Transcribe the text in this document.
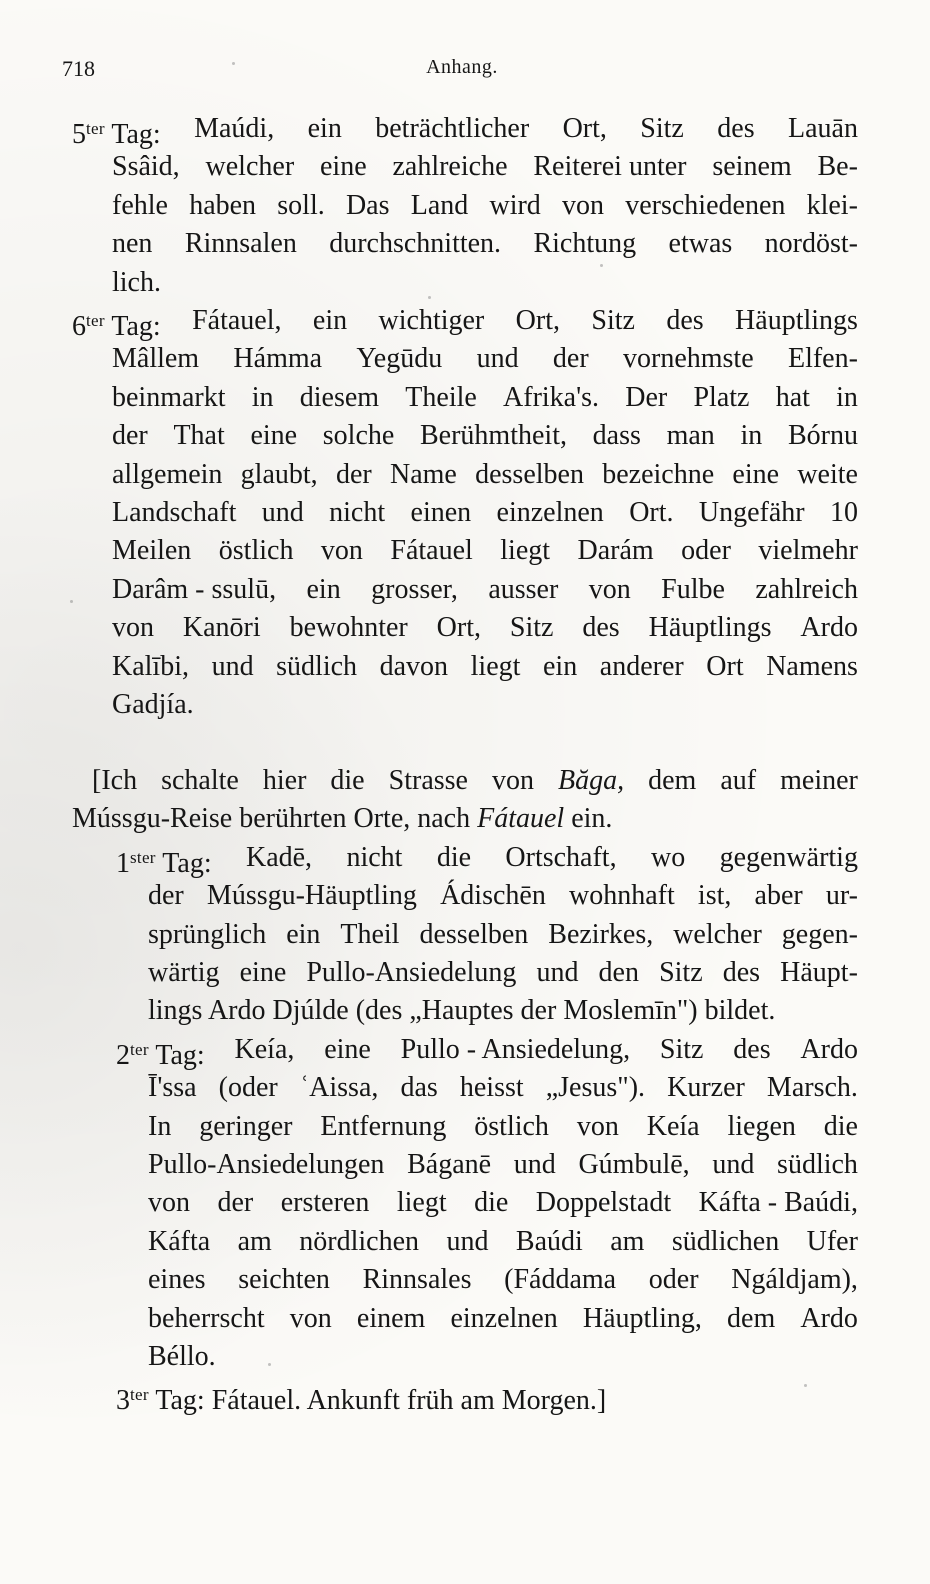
718	Anhang.
$5^{ter}$ Tag: Maúdi, ein beträchtlicher Ort, Sitz des Lauān
Ssâid, welcher eine zahlreiche Reiterei unter seinem Be-
fehle haben soll. Das Land wird von verschiedenen klei-
nen Rinnsalen durchschnitten. Richtung etwas nordöst-
lich.
$6^{ter}$ Tag: Fátauel, ein wichtiger Ort, Sitz des Häuptlings
Mâllem Hámma Yegūdu und der vornehmste Elfen-
beinmarkt in diesem Theile Afrika's. Der Platz hat in
der That eine solche Berühmtheit, dass man in Bórnu
allgemein glaubt, der Name desselben bezeichne eine weite
Landschaft und nicht einen einzelnen Ort. Ungefähr 10
Meilen östlich von Fátauel liegt Darám oder vielmehr
Darâm - ssulū, ein grosser, ausser von Fulbe zahlreich
von Kanōri bewohnter Ort, Sitz des Häuptlings Ardo
Kalībi, und südlich davon liegt ein anderer Ort Namens
Gadjía.
[Ich schalte hier die Strasse von Băga, dem auf meiner
Mússgu-Reise berührten Orte, nach Fátauel ein.
$1^{ster}$ Tag: Kadē, nicht die Ortschaft, wo gegenwärtig
der Mússgu-Häuptling Ádischēn wohnhaft ist, aber ur-
sprünglich ein Theil desselben Bezirkes, welcher gegen-
wärtig eine Pullo-Ansiedelung und den Sitz des Häupt-
lings Ardo Djúlde (des „Hauptes der Moslemīn") bildet.
$2^{ter}$ Tag: Keía, eine Pullo - Ansiedelung, Sitz des Ardo
Ī'ssa (oder ʿAissa, das heisst „Jesus"). Kurzer Marsch.
In geringer Entfernung östlich von Keía liegen die
Pullo-Ansiedelungen Báganē und Gúmbulē, und südlich
von der ersteren liegt die Doppelstadt Káfta - Baúdi,
Káfta am nördlichen und Baúdi am südlichen Ufer
eines seichten Rinnsales (Fáddama oder Ngáldjam),
beherrscht von einem einzelnen Häuptling, dem Ardo
Béllo.
$3^{ter}$ Tag: Fátauel. Ankunft früh am Morgen.]
